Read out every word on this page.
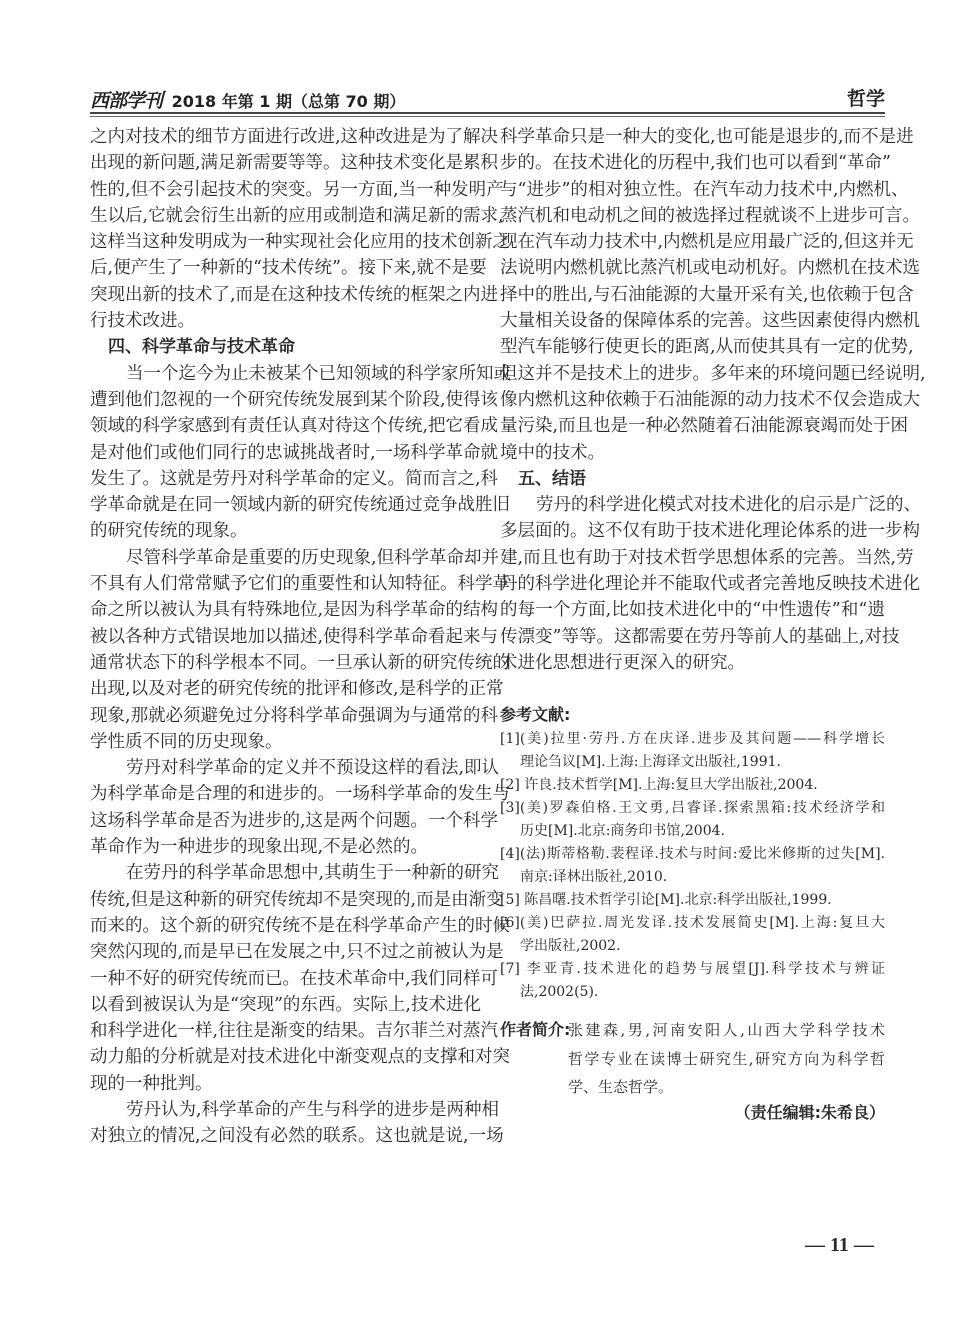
西部学刊 2018 年第 1 期（总第 70 期）	哲学
之内对技术的细节方面进行改进,这种改进是为了解决
出现的新问题,满足新需要等等。这种技术变化是累积
性的,但不会引起技术的突变。另一方面,当一种发明产
生以后,它就会衍生出新的应用或制造和满足新的需求,
这样当这种发明成为一种实现社会化应用的技术创新之
后,便产生了一种新的“技术传统”。接下来,就不是要
突现出新的技术了,而是在这种技术传统的框架之内进
行技术改进。
四、科学革命与技术革命
当一个迄今为止未被某个已知领域的科学家所知或
遭到他们忽视的一个研究传统发展到某个阶段,使得该
领域的科学家感到有责任认真对待这个传统,把它看成
是对他们或他们同行的忠诚挑战者时,一场科学革命就
发生了。这就是劳丹对科学革命的定义。简而言之,科
学革命就是在同一领域内新的研究传统通过竞争战胜旧
的研究传统的现象。
尽管科学革命是重要的历史现象,但科学革命却并
不具有人们常常赋予它们的重要性和认知特征。科学革
命之所以被认为具有特殊地位,是因为科学革命的结构
被以各种方式错误地加以描述,使得科学革命看起来与
通常状态下的科学根本不同。一旦承认新的研究传统的
出现,以及对老的研究传统的批评和修改,是科学的正常
现象,那就必须避免过分将科学革命强调为与通常的科
学性质不同的历史现象。
劳丹对科学革命的定义并不预设这样的看法,即认
为科学革命是合理的和进步的。一场科学革命的发生与
这场科学革命是否为进步的,这是两个问题。一个科学
革命作为一种进步的现象出现,不是必然的。
在劳丹的科学革命思想中,其萌生于一种新的研究
传统,但是这种新的研究传统却不是突现的,而是由渐变
而来的。这个新的研究传统不是在科学革命产生的时候
突然闪现的,而是早已在发展之中,只不过之前被认为是
一种不好的研究传统而已。在技术革命中,我们同样可
以看到被误认为是“突现”的东西。实际上,技术进化
和科学进化一样,往往是渐变的结果。吉尔菲兰对蒸汽
动力船的分析就是对技术进化中渐变观点的支撑和对突
现的一种批判。
劳丹认为,科学革命的产生与科学的进步是两种相
对独立的情况,之间没有必然的联系。这也就是说,一场
科学革命只是一种大的变化,也可能是退步的,而不是进
步的。在技术进化的历程中,我们也可以看到“革命”
与“进步”的相对独立性。在汽车动力技术中,内燃机、
蒸汽机和电动机之间的被选择过程就谈不上进步可言。
现在汽车动力技术中,内燃机是应用最广泛的,但这并无
法说明内燃机就比蒸汽机或电动机好。内燃机在技术选
择中的胜出,与石油能源的大量开采有关,也依赖于包含
大量相关设备的保障体系的完善。这些因素使得内燃机
型汽车能够行使更长的距离,从而使其具有一定的优势,
但这并不是技术上的进步。多年来的环境问题已经说明,
像内燃机这种依赖于石油能源的动力技术不仅会造成大
量污染,而且也是一种必然随着石油能源衰竭而处于困
境中的技术。
五、结语
劳丹的科学进化模式对技术进化的启示是广泛的、
多层面的。这不仅有助于技术进化理论体系的进一步构
建,而且也有助于对技术哲学思想体系的完善。当然,劳
丹的科学进化理论并不能取代或者完善地反映技术进化
的每一个方面,比如技术进化中的“中性遗传”和“遗
传漂变”等等。这都需要在劳丹等前人的基础上,对技
术进化思想进行更深入的研究。
参考文献:
[1](美)拉里·劳丹.方在庆译.进步及其问题——科学增长
理论刍议[M].上海:上海译文出版社,1991.
[2] 许良.技术哲学[M].上海:复旦大学出版社,2004.
[3](美)罗森伯格.王文勇,吕睿译.探索黑箱:技术经济学和
历史[M].北京:商务印书馆,2004.
[4](法)斯蒂格勒.裴程译.技术与时间:爱比米修斯的过失[M].
南京:译林出版社,2010.
[5] 陈昌曙.技术哲学引论[M].北京:科学出版社,1999.
[6](美)巴萨拉.周光发译.技术发展简史[M].上海:复旦大
学出版社,2002.
[7] 李亚青.技术进化的趋势与展望[J].科学技术与辨证
法,2002(5).
作者简介:
张建森,男,河南安阳人,山西大学科学技术
哲学专业在读博士研究生,研究方向为科学哲
学、生态哲学。
（责任编辑:朱希良）
— 11 —
